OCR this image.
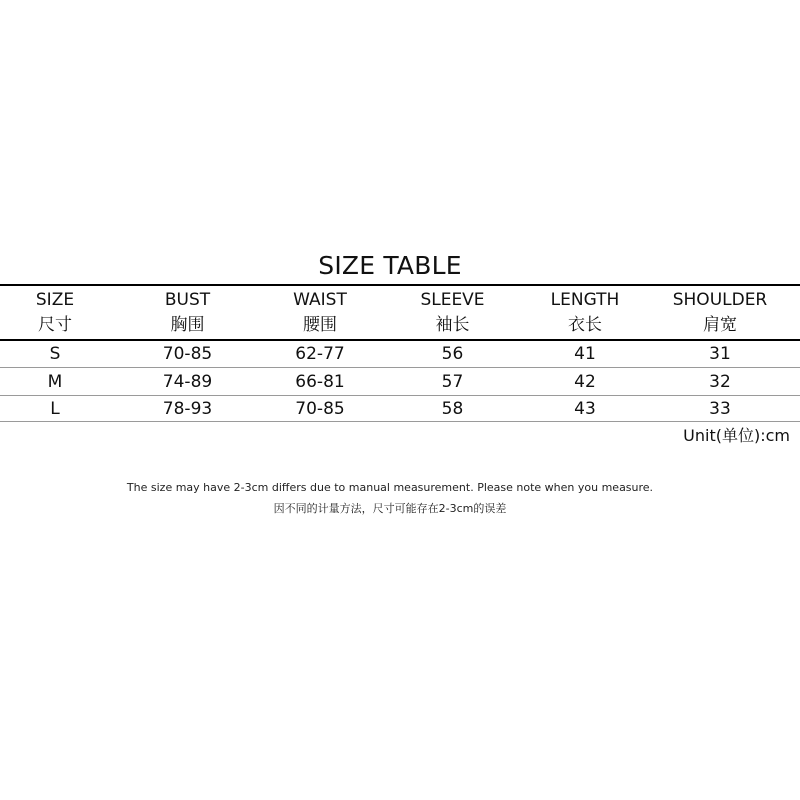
SIZE TABLE
SIZE	BUST	WAIST	SLEEVE	LENGTH	SHOULDER
尺寸	胸围	腰围	袖长	衣长	肩宽
S	70-85	62-77	56	41	31
M	74-89	66-81	57	42	32
L	78-93	70-85	58	43	33
Unit(单位):cm
The size may have 2-3cm differs due to manual measurement. Please note when you measure.
因不同的计量方法，尺寸可能存在2-3cm的误差
